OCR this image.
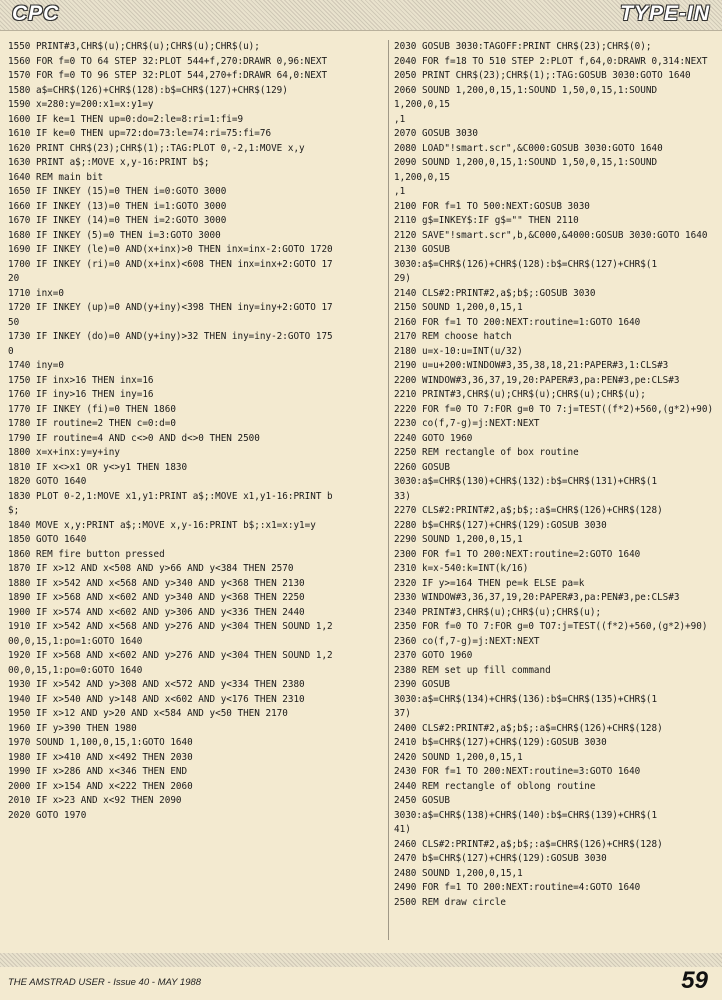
CPC	TYPE-IN
1550 PRINT#3,CHR$(u);CHR$(u);CHR$(u);CHR$(u);
1560 FOR f=0 TO 64 STEP 32:PLOT 544+f,270:DRAWR 0,96:NEXT
1570 FOR f=0 TO 96 STEP 32:PLOT 544,270+f:DRAWR 64,0:NEXT
1580 a$=CHR$(126)+CHR$(128):b$=CHR$(127)+CHR$(129)
1590 x=280:y=200:x1=x:y1=y
1600 IF ke=1 THEN up=0:do=2:le=8:ri=1:fi=9
1610 IF ke=0 THEN up=72:do=73:le=74:ri=75:fi=76
1620 PRINT CHR$(23);CHR$(1);:TAG:PLOT 0,-2,1:MOVE x,y
1630 PRINT a$;:MOVE x,y-16:PRINT b$;
1640 REM main bit
1650 IF INKEY (15)=0 THEN i=0:GOTO 3000
1660 IF INKEY (13)=0 THEN i=1:GOTO 3000
1670 IF INKEY (14)=0 THEN i=2:GOTO 3000
1680 IF INKEY (5)=0 THEN i=3:GOTO 3000
1690 IF INKEY (le)=0 AND(x+inx)>0 THEN inx=inx-2:GOTO 1720
1700 IF INKEY (ri)=0 AND(x+inx)<608 THEN inx=inx+2:GOTO 17
20
1710 inx=0
1720 IF INKEY (up)=0 AND(y+iny)<398 THEN iny=iny+2:GOTO 17
50
1730 IF INKEY (do)=0 AND(y+iny)>32 THEN iny=iny-2:GOTO 175
0
1740 iny=0
1750 IF inx>16 THEN inx=16
1760 IF iny>16 THEN iny=16
1770 IF INKEY (fi)=0 THEN 1860
1780 IF routine=2 THEN c=0:d=0
1790 IF routine=4 AND c<>0 AND d<>0 THEN 2500
1800 x=x+inx:y=y+iny
1810 IF x<>x1 OR y<>y1 THEN 1830
1820 GOTO 1640
1830 PLOT 0-2,1:MOVE x1,y1:PRINT a$;:MOVE x1,y1-16:PRINT b
$;
1840 MOVE x,y:PRINT a$;:MOVE x,y-16:PRINT b$;:x1=x:y1=y
1850 GOTO 1640
1860 REM fire button pressed
1870 IF x>12 AND x<508 AND y>66 AND y<384 THEN 2570
1880 IF x>542 AND x<568 AND y>340 AND y<368 THEN 2130
1890 IF x>568 AND x<602 AND y>340 AND y<368 THEN 2250
1900 IF x>574 AND x<602 AND y>306 AND y<336 THEN 2440
1910 IF x>542 AND x<568 AND y>276 AND y<304 THEN SOUND 1,2
00,0,15,1:po=1:GOTO 1640
1920 IF x>568 AND x<602 AND y>276 AND y<304 THEN SOUND 1,2
00,0,15,1:po=0:GOTO 1640
1930 IF x>542 AND y>308 AND x<572 AND y<334 THEN 2380
1940 IF x>540 AND y>148 AND x<602 AND y<176 THEN 2310
1950 IF x>12 AND y>20 AND x<584 AND y<50 THEN 2170
1960 IF y>390 THEN 1980
1970 SOUND 1,100,0,15,1:GOTO 1640
1980 IF x>410 AND x<492 THEN 2030
1990 IF x>286 AND x<346 THEN END
2000 IF x>154 AND x<222 THEN 2060
2010 IF x>23 AND x<92 THEN 2090
2020 GOTO 1970
2030 GOSUB 3030:TAGOFF:PRINT CHR$(23);CHR$(0);
2040 FOR f=18 TO 510 STEP 2:PLOT f,64,0:DRAWR 0,314:NEXT
2050 PRINT CHR$(23);CHR$(1);:TAG:GOSUB 3030:GOTO 1640
2060 SOUND 1,200,0,15,1:SOUND 1,50,0,15,1:SOUND 1,200,0,15
,1
2070 GOSUB 3030
2080 LOAD"!smart.scr",&C000:GOSUB 3030:GOTO 1640
2090 SOUND 1,200,0,15,1:SOUND 1,50,0,15,1:SOUND 1,200,0,15
,1
2100 FOR f=1 TO 500:NEXT:GOSUB 3030
2110 g$=INKEY$:IF g$="" THEN 2110
2120 SAVE"!smart.scr",b,&C000,&4000:GOSUB 3030:GOTO 1640
2130 GOSUB 3030:a$=CHR$(126)+CHR$(128):b$=CHR$(127)+CHR$(1
29)
2140 CLS#2:PRINT#2,a$;b$;:GOSUB 3030
2150 SOUND 1,200,0,15,1
2160 FOR f=1 TO 200:NEXT:routine=1:GOTO 1640
2170 REM choose hatch
2180 u=x-10:u=INT(u/32)
2190 u=u+200:WINDOW#3,35,38,18,21:PAPER#3,1:CLS#3
2200 WINDOW#3,36,37,19,20:PAPER#3,pa:PEN#3,pe:CLS#3
2210 PRINT#3,CHR$(u);CHR$(u);CHR$(u);CHR$(u);
2220 FOR f=0 TO 7:FOR g=0 TO 7:j=TEST((f*2)+560,(g*2)+90)
2230 co(f,7-g)=j:NEXT:NEXT
2240 GOTO 1960
2250 REM rectangle of box routine
2260 GOSUB 3030:a$=CHR$(130)+CHR$(132):b$=CHR$(131)+CHR$(1
33)
2270 CLS#2:PRINT#2,a$;b$;:a$=CHR$(126)+CHR$(128)
2280 b$=CHR$(127)+CHR$(129):GOSUB 3030
2290 SOUND 1,200,0,15,1
2300 FOR f=1 TO 200:NEXT:routine=2:GOTO 1640
2310 k=x-540:k=INT(k/16)
2320 IF y>=164 THEN pe=k ELSE pa=k
2330 WINDOW#3,36,37,19,20:PAPER#3,pa:PEN#3,pe:CLS#3
2340 PRINT#3,CHR$(u);CHR$(u);CHR$(u);
2350 FOR f=0 TO 7:FOR g=0 TO7:j=TEST((f*2)+560,(g*2)+90)
2360 co(f,7-g)=j:NEXT:NEXT
2370 GOTO 1960
2380 REM set up fill command
2390 GOSUB 3030:a$=CHR$(134)+CHR$(136):b$=CHR$(135)+CHR$(1
37)
2400 CLS#2:PRINT#2,a$;b$;:a$=CHR$(126)+CHR$(128)
2410 b$=CHR$(127)+CHR$(129):GOSUB 3030
2420 SOUND 1,200,0,15,1
2430 FOR f=1 TO 200:NEXT:routine=3:GOTO 1640
2440 REM rectangle of oblong routine
2450 GOSUB 3030:a$=CHR$(138)+CHR$(140):b$=CHR$(139)+CHR$(1
41)
2460 CLS#2:PRINT#2,a$;b$;:a$=CHR$(126)+CHR$(128)
2470 b$=CHR$(127)+CHR$(129):GOSUB 3030
2480 SOUND 1,200,0,15,1
2490 FOR f=1 TO 200:NEXT:routine=4:GOTO 1640
2500 REM draw circle
THE AMSTRAD USER - Issue 40 - MAY 1988	59
